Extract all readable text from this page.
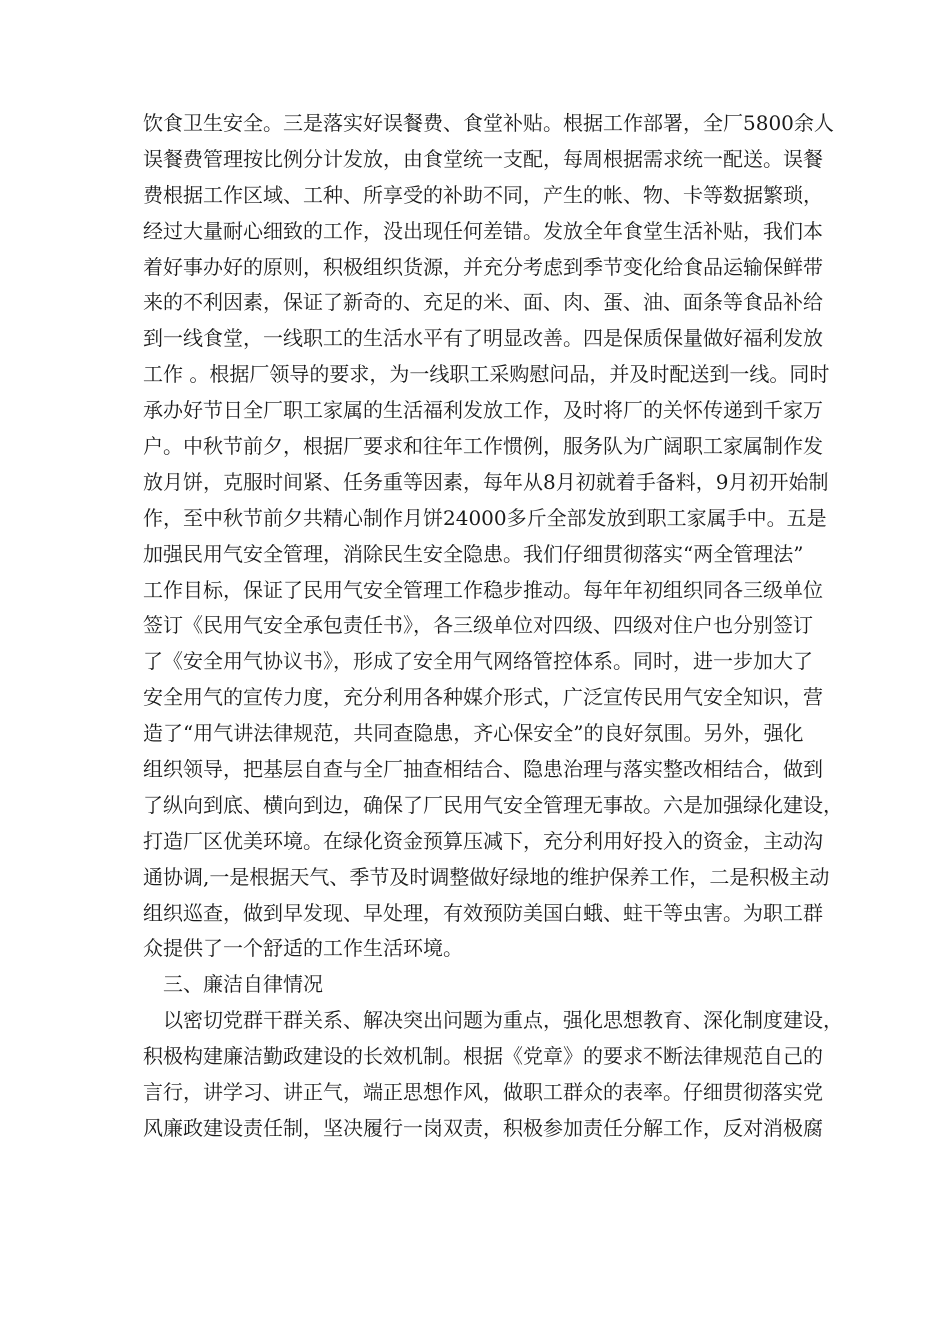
饮食卫生安全。三是落实好误餐费、食堂补贴。根据工作部署，全厂5800余人
误餐费管理按比例分计发放，由食堂统一支配，每周根据需求统一配送。误餐
费根据工作区域、工种、所享受的补助不同，产生的帐、物、卡等数据繁琐，
经过大量耐心细致的工作，没出现任何差错。发放全年食堂生活补贴，我们本
着好事办好的原则，积极组织货源，并充分考虑到季节变化给食品运输保鲜带
来的不利因素，保证了新奇的、充足的米、面、肉、蛋、油、面条等食品补给
到一线食堂，一线职工的生活水平有了明显改善。四是保质保量做好福利发放
工作 。根据厂领导的要求，为一线职工采购慰问品，并及时配送到一线。同时
承办好节日全厂职工家属的生活福利发放工作，及时将厂的关怀传递到千家万
户。中秋节前夕，根据厂要求和往年工作惯例，服务队为广阔职工家属制作发
放月饼，克服时间紧、任务重等因素，每年从8月初就着手备料，9月初开始制
作，至中秋节前夕共精心制作月饼24000多斤全部发放到职工家属手中。五是
加强民用气安全管理，消除民生安全隐患。我们仔细贯彻落实“两全管理法”
工作目标，保证了民用气安全管理工作稳步推动。每年年初组织同各三级单位
签订《民用气安全承包责任书》，各三级单位对四级、四级对住户也分别签订
了《安全用气协议书》，形成了安全用气网络管控体系。同时，进一步加大了
安全用气的宣传力度，充分利用各种媒介形式，广泛宣传民用气安全知识，营
造了“用气讲法律规范，共同查隐患，齐心保安全”的良好氛围。另外，强化
组织领导，把基层自查与全厂抽查相结合、隐患治理与落实整改相结合，做到
了纵向到底、横向到边，确保了厂民用气安全管理无事故。六是加强绿化建设，
打造厂区优美环境。在绿化资金预算压减下，充分利用好投入的资金，主动沟
通协调,一是根据天气、季节及时调整做好绿地的维护保养工作，二是积极主动
组织巡查，做到早发现、早处理，有效预防美国白蛾、蛀干等虫害。为职工群
众提供了一个舒适的工作生活环境。
三、廉洁自律情况
以密切党群干群关系、解决突出问题为重点，强化思想教育、深化制度建设，
积极构建廉洁勤政建设的长效机制。根据《党章》的要求不断法律规范自己的
言行，讲学习、讲正气，端正思想作风，做职工群众的表率。仔细贯彻落实党
风廉政建设责任制，坚决履行一岗双责，积极参加责任分解工作，反对消极腐
